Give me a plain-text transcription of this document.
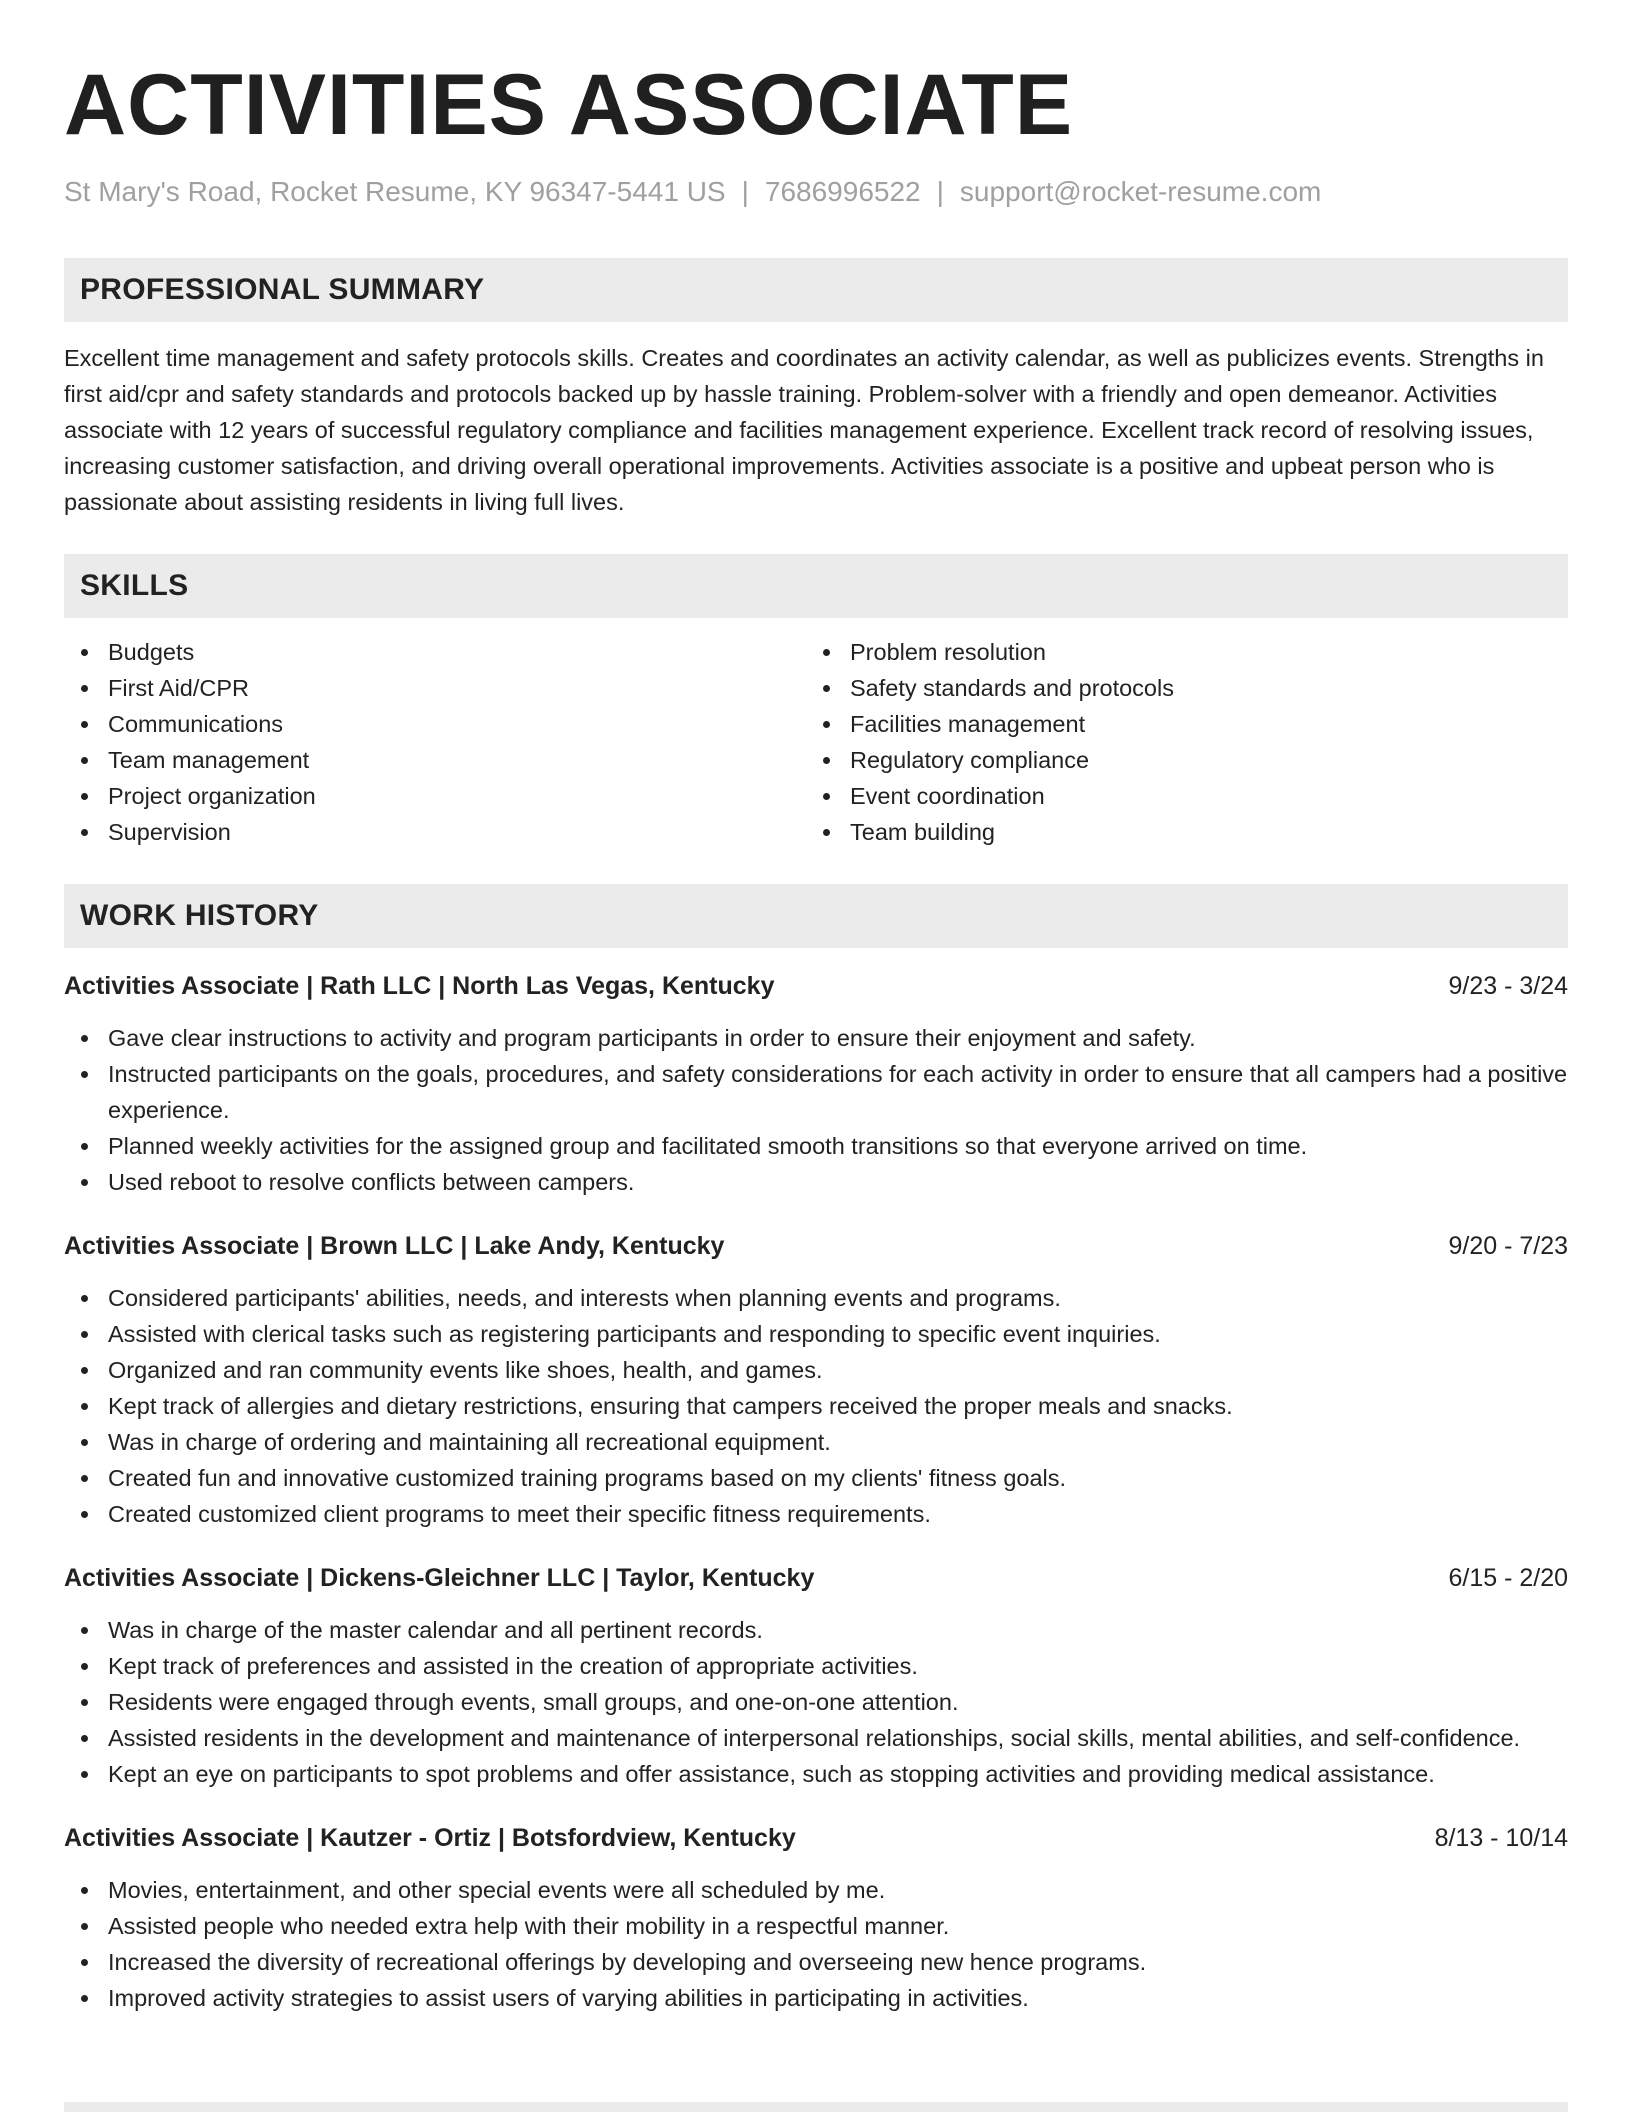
ACTIVITIES ASSOCIATE
St Mary's Road, Rocket Resume, KY 96347-5441 US | 7686996522 | support@rocket-resume.com
PROFESSIONAL SUMMARY

Excellent time management and safety protocols skills. Creates and coordinates an activity calendar, as well as publicizes events. Strengths in first aid/cpr and safety standards and protocols backed up by hassle training. Problem-solver with a friendly and open demeanor. Activities associate with 12 years of successful regulatory compliance and facilities management experience. Excellent track record of resolving issues, increasing customer satisfaction, and driving overall operational improvements. Activities associate is a positive and upbeat person who is passionate about assisting residents in living full lives.

SKILLS
Budgets
First Aid/CPR
Communications
Team management
Project organization
Supervision
Problem resolution
Safety standards and protocols
Facilities management
Regulatory compliance
Event coordination
Team building
WORK HISTORY
Activities Associate | Rath LLC | North Las Vegas, Kentucky	9/23 - 3/24
Gave clear instructions to activity and program participants in order to ensure their enjoyment and safety.
Instructed participants on the goals, procedures, and safety considerations for each activity in order to ensure that all campers had a positive experience.
Planned weekly activities for the assigned group and facilitated smooth transitions so that everyone arrived on time.
Used reboot to resolve conflicts between campers.
Activities Associate | Brown LLC | Lake Andy, Kentucky	9/20 - 7/23
Considered participants' abilities, needs, and interests when planning events and programs.
Assisted with clerical tasks such as registering participants and responding to specific event inquiries.
Organized and ran community events like shoes, health, and games.
Kept track of allergies and dietary restrictions, ensuring that campers received the proper meals and snacks.
Was in charge of ordering and maintaining all recreational equipment.
Created fun and innovative customized training programs based on my clients' fitness goals.
Created customized client programs to meet their specific fitness requirements.
Activities Associate | Dickens-Gleichner LLC | Taylor, Kentucky	6/15 - 2/20
Was in charge of the master calendar and all pertinent records.
Kept track of preferences and assisted in the creation of appropriate activities.
Residents were engaged through events, small groups, and one-on-one attention.
Assisted residents in the development and maintenance of interpersonal relationships, social skills, mental abilities, and self-confidence.
Kept an eye on participants to spot problems and offer assistance, such as stopping activities and providing medical assistance.
Activities Associate | Kautzer - Ortiz | Botsfordview, Kentucky	8/13 - 10/14
Movies, entertainment, and other special events were all scheduled by me.
Assisted people who needed extra help with their mobility in a respectful manner.
Increased the diversity of recreational offerings by developing and overseeing new hence programs.
Improved activity strategies to assist users of varying abilities in participating in activities.
